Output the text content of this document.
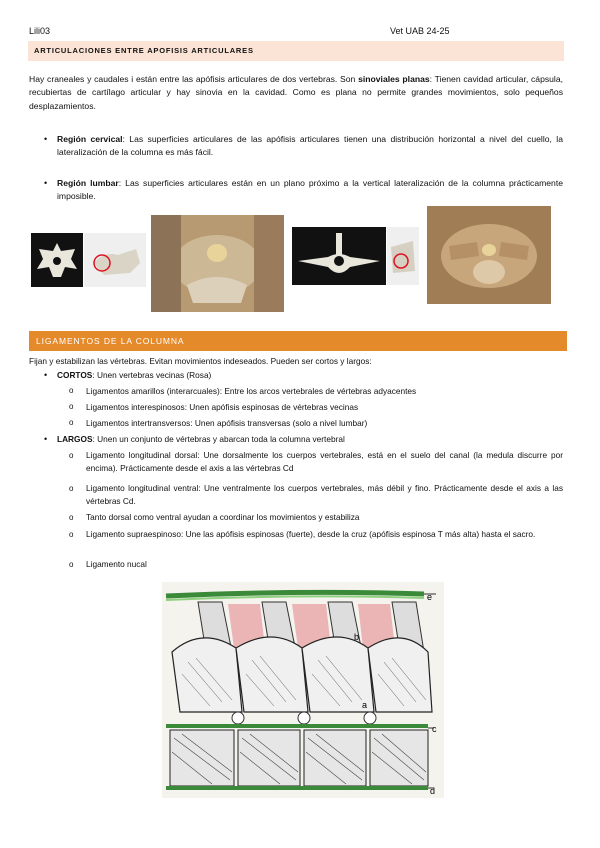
Lili03	Vet UAB 24-25
ARTICULACIONES ENTRE APOFISIS ARTICULARES
Hay craneales y caudales i están entre las apófisis articulares de dos vertebras. Son sinoviales planas: Tienen cavidad articular, cápsula, recubiertas de cartílago articular y hay sinovia en la cavidad. Como es plana no permite grandes movimientos, solo pequeños desplazamientos.
• Región cervical: Las superficies articulares de las apófisis articulares tienen una distribución horizontal a nivel del cuello, la lateralización de la columna es más fácil.
• Región lumbar: Las superficies articulares están en un plano próximo a la vertical lateralización de la columna prácticamente imposible.
LIGAMENTOS DE LA COLUMNA
Fijan y estabilizan las vértebras. Evitan movimientos indeseados. Pueden ser cortos y largos:
• CORTOS: Unen vertebras vecinas (Rosa)
o Ligamentos amarillos (interarcuales): Entre los arcos vertebrales de vértebras adyacentes
o Ligamentos interespinosos: Unen apófisis espinosas de vértebras vecinas
o Ligamentos intertransversos: Unen apófisis transversas (solo a nivel lumbar)
• LARGOS: Unen un conjunto de vértebras y abarcan toda la columna vertebral
o Ligamento longitudinal dorsal: Une dorsalmente los cuerpos vertebrales, está en el suelo del canal (la medula discurre por encima). Prácticamente desde el axis a las vértebras Cd
o Ligamento longitudinal ventral: Une ventralmente los cuerpos vertebrales, más débil y fino. Prácticamente desde el axis a las vértebras Cd.
o Tanto dorsal como ventral ayudan a coordinar los movimientos y estabiliza
o Ligamento supraespinoso: Une las apófisis espinosas (fuerte), desde la cruz (apófisis espinosa T más alta) hasta el sacro.
o Ligamento nucal
e
b
a
c
d
